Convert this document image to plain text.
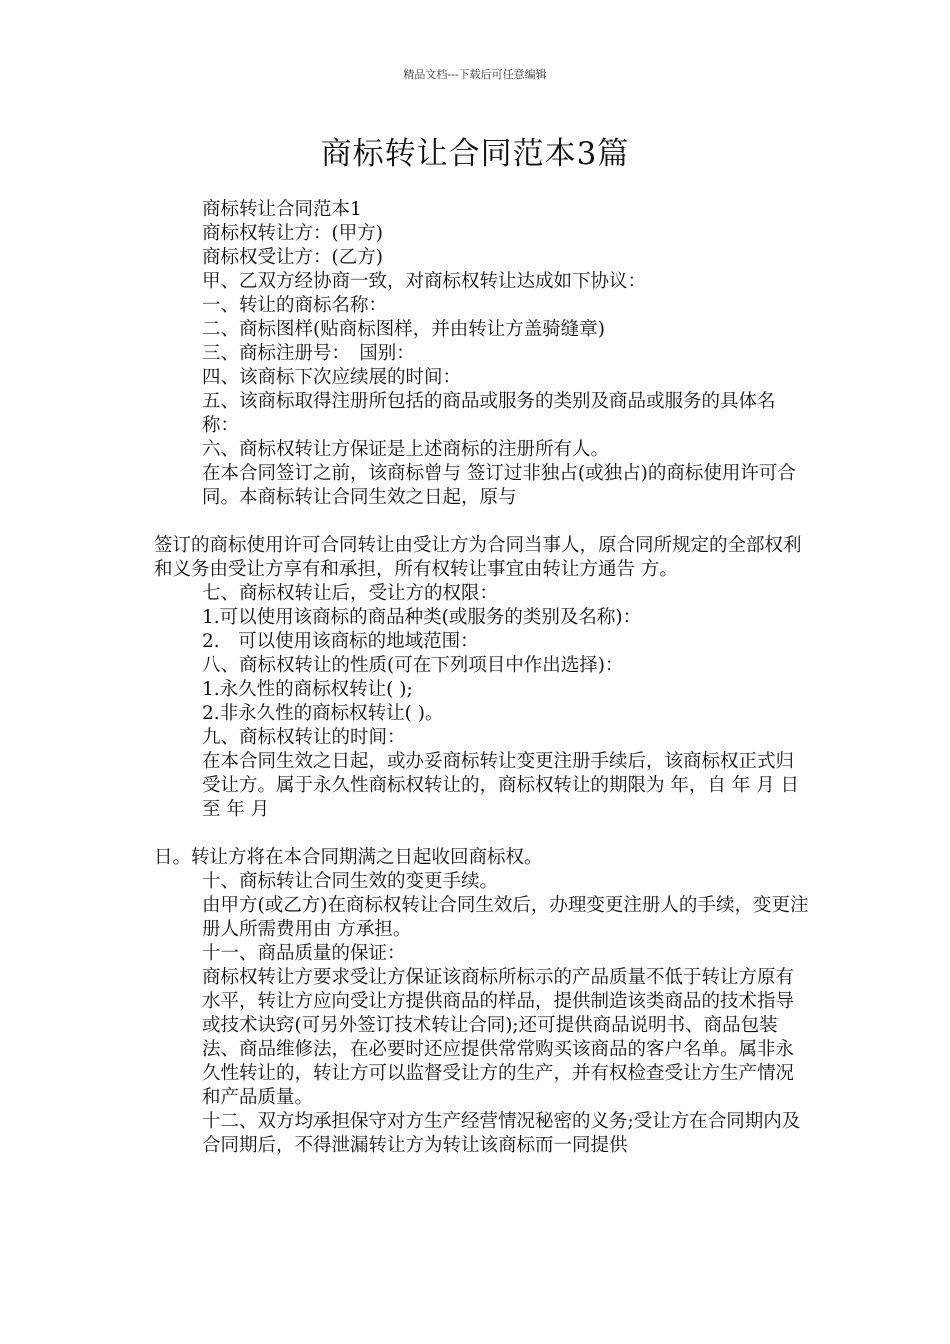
精品文档---下载后可任意编辑
商标转让合同范本3篇

商标转让合同范本1

商标权转让方：(甲方)

商标权受让方：(乙方)

甲、乙双方经协商一致，对商标权转让达成如下协议：

一、转让的商标名称：

二、商标图样(贴商标图样，并由转让方盖骑缝章)

三、商标注册号：　国别：

四、该商标下次应续展的时间：

五、该商标取得注册所包括的商品或服务的类别及商品或服务的具体名称：

六、商标权转让方保证是上述商标的注册所有人。

在本合同签订之前，该商标曾与 签订过非独占(或独占)的商标使用许可合同。本商标转让合同生效之日起，原与

签订的商标使用许可合同转让由受让方为合同当事人，原合同所规定的全部权利和义务由受让方享有和承担，所有权转让事宜由转让方通告 方。

七、商标权转让后，受让方的权限：

1.可以使用该商标的商品种类(或服务的类别及名称)：

2.　可以使用该商标的地域范围：

八、商标权转让的性质(可在下列项目中作出选择)：

1.永久性的商标权转让( );

2.非永久性的商标权转让( )。

九、商标权转让的时间：

在本合同生效之日起，或办妥商标转让变更注册手续后，该商标权正式归受让方。属于永久性商标权转让的，商标权转让的期限为 年，自 年 月 日至 年 月

日。转让方将在本合同期满之日起收回商标权。

十、商标转让合同生效的变更手续。

由甲方(或乙方)在商标权转让合同生效后，办理变更注册人的手续，变更注册人所需费用由 方承担。

十一、商品质量的保证：

商标权转让方要求受让方保证该商标所标示的产品质量不低于转让方原有水平，转让方应向受让方提供商品的样品，提供制造该类商品的技术指导或技术诀窍(可另外签订技术转让合同);还可提供商品说明书、商品包装法、商品维修法，在必要时还应提供常常购买该商品的客户名单。属非永久性转让的，转让方可以监督受让方的生产，并有权检查受让方生产情况和产品质量。

十二、双方均承担保守对方生产经营情况秘密的义务;受让方在合同期内及合同期后，不得泄漏转让方为转让该商标而一同提供
